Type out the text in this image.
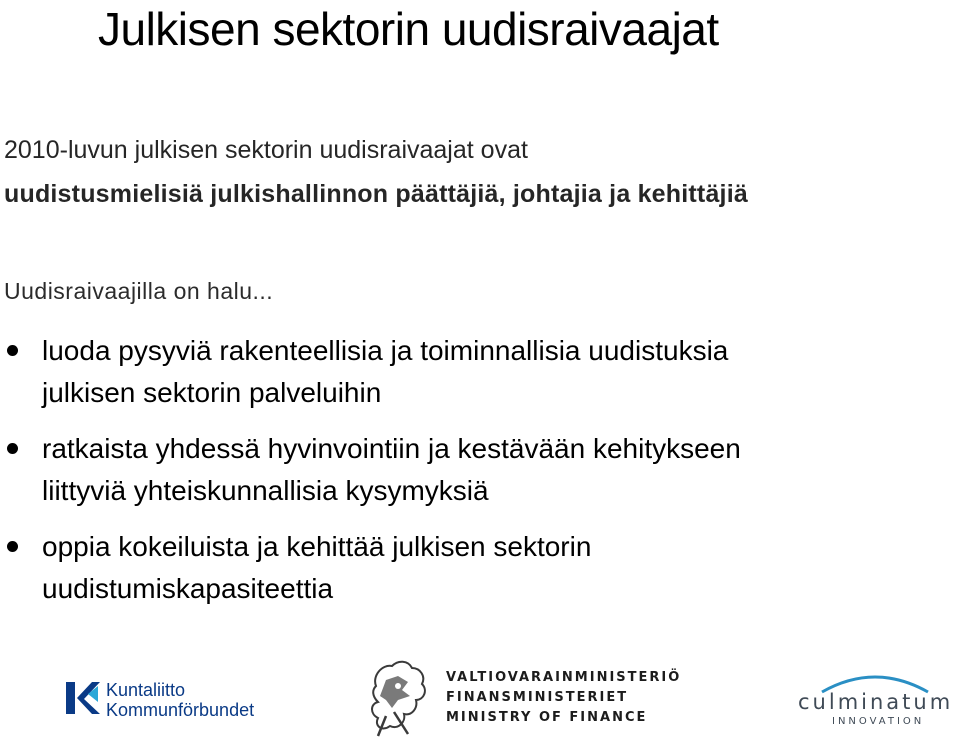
Julkisen sektorin uudisraivaajat
2010-luvun julkisen sektorin uudisraivaajat ovat
uudistusmielisiä julkishallinnon päättäjiä, johtajia ja kehittäjiä
Uudisraivaajilla on halu...
luoda pysyviä rakenteellisia ja toiminnallisia uudistuksia
julkisen sektorin palveluihin
ratkaista yhdessä hyvinvointiin ja kestävään kehitykseen
liittyviä yhteiskunnallisia kysymyksiä
oppia kokeiluista ja kehittää julkisen sektorin
uudistumiskapasiteettia
Kuntaliitto
Kommunförbundet
VALTIOVARAINMINISTERIÖ
FINANSMINISTERIET
MINISTRY OF FINANCE
culminatum
INNOVATION
